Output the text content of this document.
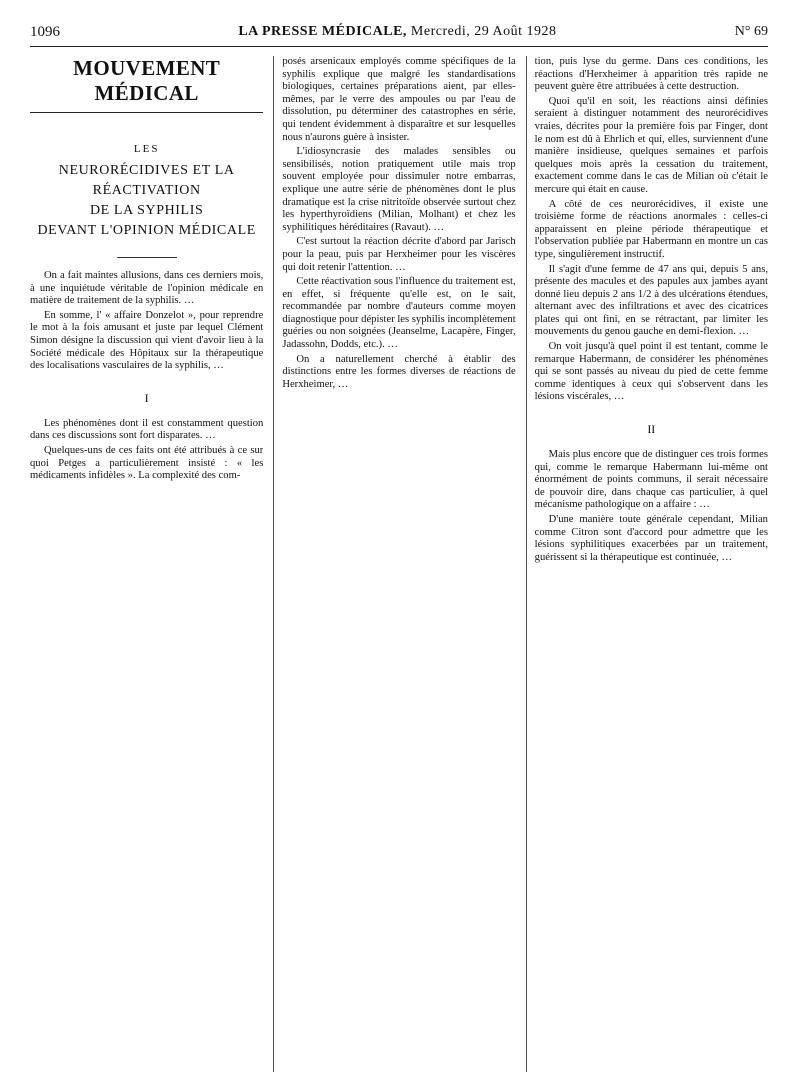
1096	LA PRESSE MÉDICALE, Mercredi, 29 Août 1928	N° 69
MOUVEMENT MÉDICAL
LES
NEURORÉCIDIVES ET LA RÉACTIVATION
DE LA SYPHILIS
DEVANT L'OPINION MÉDICALE

On a fait maintes allusions, dans ces derniers mois, à une inquiétude véritable de l'opinion médicale en matière de traitement de la syphilis. …

En somme, l' « affaire Donzelot », pour reprendre le mot à la fois amusant et juste par lequel Clément Simon désigne la discussion qui vient d'avoir lieu à la Société médicale des Hôpitaux sur la thérapeutique des localisations vasculaires de la syphilis, …

I

Les phénomènes dont il est constamment question dans ces discussions sont fort disparates. …

Quelques-uns de ces faits ont été attribués à ce sur quoi Petges a particulièrement insisté : « les médicaments infidèles ». La complexité des com-

posés arsenicaux employés comme spécifiques de la syphilis explique que malgré les standardisations biologiques, certaines préparations aient, par elles-mêmes, par le verre des ampoules ou par l'eau de dissolution, pu déterminer des catastrophes en série, qui tendent évidemment à disparaître et sur lesquelles nous n'aurons guère à insister.

L'idiosyncrasie des malades sensibles ou sensibilisés, notion pratiquement utile mais trop souvent employée pour dissimuler notre embarras, explique une autre série de phénomènes dont le plus dramatique est la crise nitritoïde observée surtout chez les hyperthyroïdiens (Milian, Molhant) et chez les syphilitiques héréditaires (Ravaut). …

C'est surtout la réaction décrite d'abord par Jarisch pour la peau, puis par Herxheimer pour les viscères qui doit retenir l'attention. …

Cette réactivation sous l'influence du traitement est, en effet, si fréquente qu'elle est, on le sait, recommandée par nombre d'auteurs comme moyen diagnostique pour dépister les syphilis incomplètement guéries ou non soignées (Jeanselme, Lacapère, Finger, Jadassohn, Dodds, etc.). …

On a naturellement cherché à établir des distinctions entre les formes diverses de réactions de Herxheimer, …

tion, puis lyse du germe. Dans ces conditions, les réactions d'Herxheimer à apparition très rapide ne peuvent guère être attribuées à cette destruction.

Quoi qu'il en soit, les réactions ainsi définies seraient à distinguer notamment des neurorécidives vraies, décrites pour la première fois par Finger, dont le nom est dû à Ehrlich et qui, elles, surviennent d'une manière insidieuse, quelques semaines et parfois quelques mois après la cessation du traitement, exactement comme dans le cas de Milian où c'était le mercure qui était en cause.

A côté de ces neurorécidives, il existe une troisième forme de réactions anormales : celles-ci apparaissent en pleine période thérapeutique et l'observation publiée par Habermann en montre un cas type, singulièrement instructif.

Il s'agit d'une femme de 47 ans qui, depuis 5 ans, présente des macules et des papules aux jambes ayant donné lieu depuis 2 ans 1/2 à des ulcérations étendues, alternant avec des infiltrations et avec des cicatrices plates qui ont fini, en se rétractant, par limiter les mouvements du genou gauche en demi-flexion. …

On voit jusqu'à quel point il est tentant, comme le remarque Habermann, de considérer les phénomènes qui se sont passés au niveau du pied de cette femme comme identiques à ceux qui s'observent dans les lésions viscérales, …

II

Mais plus encore que de distinguer ces trois formes qui, comme le remarque Habermann lui-même ont énormément de points communs, il serait nécessaire de pouvoir dire, dans chaque cas particulier, à quel mécanisme pathologique on a affaire : …

D'une manière toute générale cependant, Milian comme Citron sont d'accord pour admettre que les lésions syphilitiques exacerbées par un traitement, guérissent si la thérapeutique est continuée, …
